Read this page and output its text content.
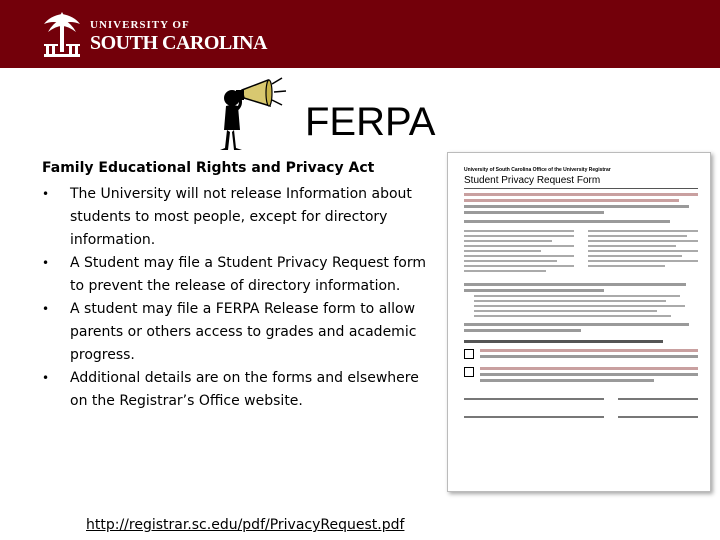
UNIVERSITY OF
SOUTH CAROLINA
FERPA
Family Educational Rights and Privacy Act
•	The University will not release Information about students to most people, except for directory information.
•	A Student may file a Student Privacy Request form to prevent the release of directory information.
•	A student may file a FERPA Release form to allow parents or others access to grades and academic progress.
•	Additional details are on the forms and elsewhere on the Registrar’s Office website.
University of South Carolina Office of the University Registrar
Student Privacy Request Form
http://registrar.sc.edu/pdf/PrivacyRequest.pdf
